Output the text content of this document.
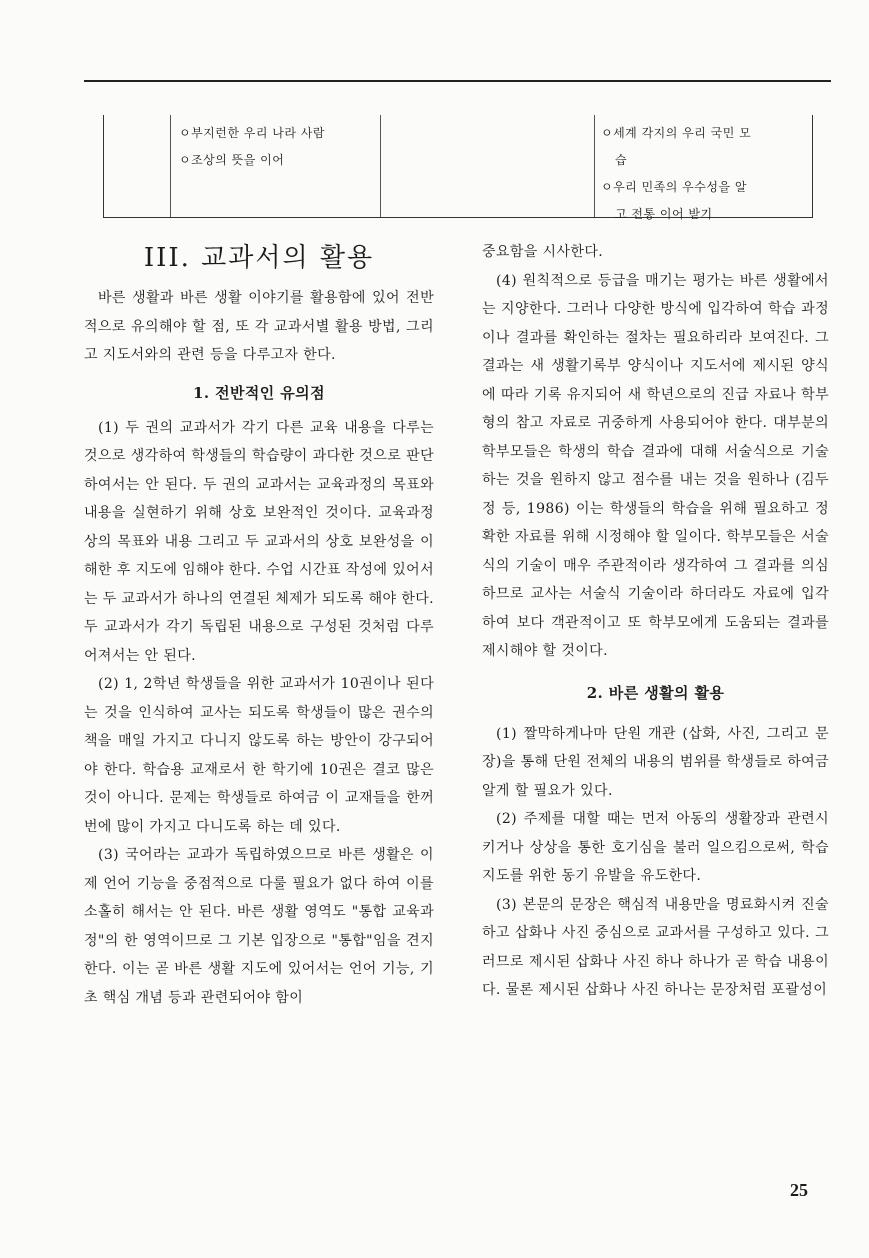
ㅇ부지런한 우리 나라 사람
ㅇ조상의 뜻을 이어
ㅇ세계 각지의 우리 국민 모
습
ㅇ우리 민족의 우수성을 알
고 전통 이어 받기
III. 교과서의 활용

바른 생활과 바른 생활 이야기를 활용함에 있어 전반적으로 유의해야 할 점, 또 각 교과서별 활용 방법, 그리고 지도서와의 관련 등을 다루고자 한다.

1. 전반적인 유의점

(1) 두 권의 교과서가 각기 다른 교육 내용을 다루는 것으로 생각하여 학생들의 학습량이 과다한 것으로 판단하여서는 안 된다. 두 권의 교과서는 교육과정의 목표와 내용을 실현하기 위해 상호 보완적인 것이다. 교육과정상의 목표와 내용 그리고 두 교과서의 상호 보완성을 이해한 후 지도에 임해야 한다. 수업 시간표 작성에 있어서는 두 교과서가 하나의 연결된 체제가 되도록 해야 한다. 두 교과서가 각기 독립된 내용으로 구성된 것처럼 다루어져서는 안 된다.

(2) 1, 2학년 학생들을 위한 교과서가 10권이나 된다는 것을 인식하여 교사는 되도록 학생들이 많은 권수의 책을 매일 가지고 다니지 않도록 하는 방안이 강구되어야 한다. 학습용 교재로서 한 학기에 10권은 결코 많은 것이 아니다. 문제는 학생들로 하여금 이 교재들을 한꺼번에 많이 가지고 다니도록 하는 데 있다.

(3) 국어라는 교과가 독립하였으므로 바른 생활은 이제 언어 기능을 중점적으로 다룰 필요가 없다 하여 이를 소홀히 해서는 안 된다. 바른 생활 영역도 "통합 교육과정"의 한 영역이므로 그 기본 입장으로 "통합"임을 견지한다. 이는 곧 바른 생활 지도에 있어서는 언어 기능, 기초 핵심 개념 등과 관련되어야 함이

중요함을 시사한다.

(4) 원칙적으로 등급을 매기는 평가는 바른 생활에서는 지양한다. 그러나 다양한 방식에 입각하여 학습 과정이나 결과를 확인하는 절차는 필요하리라 보여진다. 그 결과는 새 생활기록부 양식이나 지도서에 제시된 양식에 따라 기록 유지되어 새 학년으로의 진급 자료나 학부형의 참고 자료로 귀중하게 사용되어야 한다. 대부분의 학부모들은 학생의 학습 결과에 대해 서술식으로 기술하는 것을 원하지 않고 점수를 내는 것을 원하나 (김두정 등, 1986) 이는 학생들의 학습을 위해 필요하고 정확한 자료를 위해 시정해야 할 일이다. 학부모들은 서술식의 기술이 매우 주관적이라 생각하여 그 결과를 의심하므로 교사는 서술식 기술이라 하더라도 자료에 입각하여 보다 객관적이고 또 학부모에게 도움되는 결과를 제시해야 할 것이다.

2. 바른 생활의 활용

(1) 짤막하게나마 단원 개관 (삽화, 사진, 그리고 문장)을 통해 단원 전체의 내용의 범위를 학생들로 하여금 알게 할 필요가 있다.

(2) 주제를 대할 때는 먼저 아동의 생활장과 관련시키거나 상상을 통한 호기심을 불러 일으킴으로써, 학습 지도를 위한 동기 유발을 유도한다.

(3) 본문의 문장은 핵심적 내용만을 명료화시켜 진술하고 삽화나 사진 중심으로 교과서를 구성하고 있다. 그러므로 제시된 삽화나 사진 하나 하나가 곧 학습 내용이다. 물론 제시된 삽화나 사진 하나는 문장처럼 포괄성이

25
